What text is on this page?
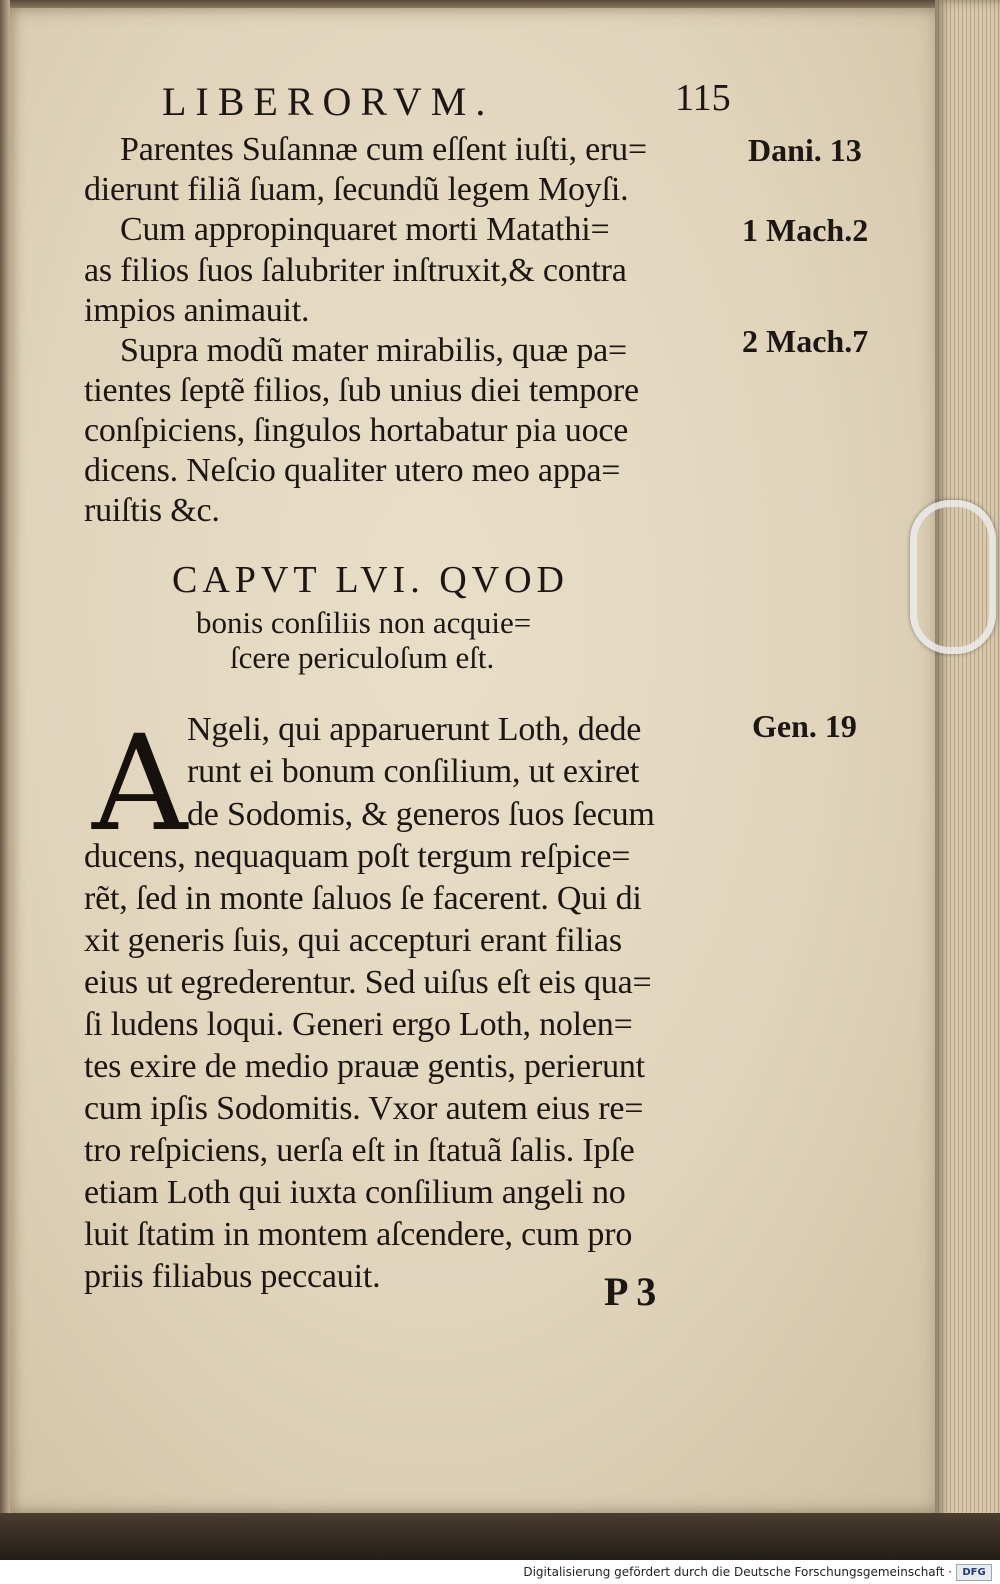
LIBERORVM.	115
Parentes Suſannæ cum eſſent iuſti, eru=
dierunt filiã ſuam, ſecundũ legem Moyſi.
Cum appropinquaret morti Matathi=
as filios ſuos ſalubriter inſtruxit,& contra
impios animauit.
Supra modũ mater mirabilis, quæ pa=
tientes ſeptẽ filios, ſub unius diei tempore
conſpiciens, ſingulos hortabatur pia uoce
dicens. Neſcio qualiter utero meo appa=
ruiſtis &c.
CAPVT LVI. QVOD
bonis conſiliis non acquie=
ſcere periculoſum eſt.
A Ngeli, qui apparuerunt Loth, dede
runt ei bonum conſilium, ut exiret
de Sodomis, & generos ſuos ſecum
ducens, nequaquam poſt tergum reſpice=
rẽt, ſed in monte ſaluos ſe facerent. Qui di
xit generis ſuis, qui accepturi erant filias
eius ut egrederentur. Sed uiſus eſt eis qua=
ſi ludens loqui. Generi ergo Loth, nolen=
tes exire de medio prauæ gentis, perierunt
cum ipſis Sodomitis. Vxor autem eius re=
tro reſpiciens, uerſa eſt in ſtatuã ſalis. Ipſe
etiam Loth qui iuxta conſilium angeli no
luit ſtatim in montem aſcendere, cum pro
priis filiabus peccauit.	P 3
Dani. 13
1 Mach.2
2 Mach.7
Gen. 19
Digitalisierung gefördert durch die Deutsche Forschungsgemeinschaft ·	DFG
